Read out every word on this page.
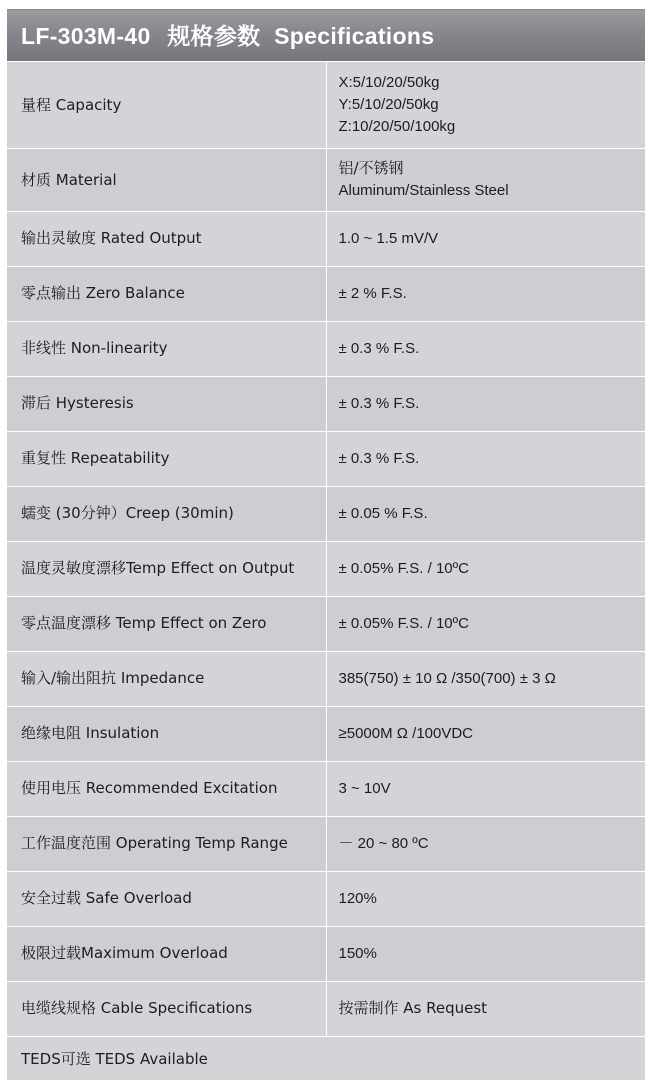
LF-303M-40 规格参数 Specifications	
量程 Capacity	X:5/10/20/50kg
Y:5/10/20/50kg
Z:10/20/50/100kg

材质 Material	铝/不锈钢
Aluminum/Stainless Steel

输出灵敏度 Rated Output	1.0 ~ 1.5 mV/V
零点输出 Zero Balance	± 2 % F.S.
非线性 Non-linearity	± 0.3 % F.S.
滞后 Hysteresis	± 0.3 % F.S.
重复性 Repeatability	± 0.3 % F.S.
蠕变 (30分钟）Creep (30min)	± 0.05 % F.S.
温度灵敏度漂移Temp Effect on Output	± 0.05% F.S. / 10ºC
零点温度漂移 Temp Effect on Zero	± 0.05% F.S. / 10ºC
输入/输出阻抗 Impedance	385(750) ± 10 Ω /350(700) ± 3 Ω
绝缘电阻 Insulation	≥5000M Ω /100VDC
使用电压 Recommended Excitation	3 ~ 10V
工作温度范围 Operating Temp Range	－ 20 ~ 80 ºC
安全过载 Safe Overload	120%
极限过载Maximum Overload	150%
电缆线规格 Cable Specifications	按需制作 As Request
TEDS可选 TEDS Available	
